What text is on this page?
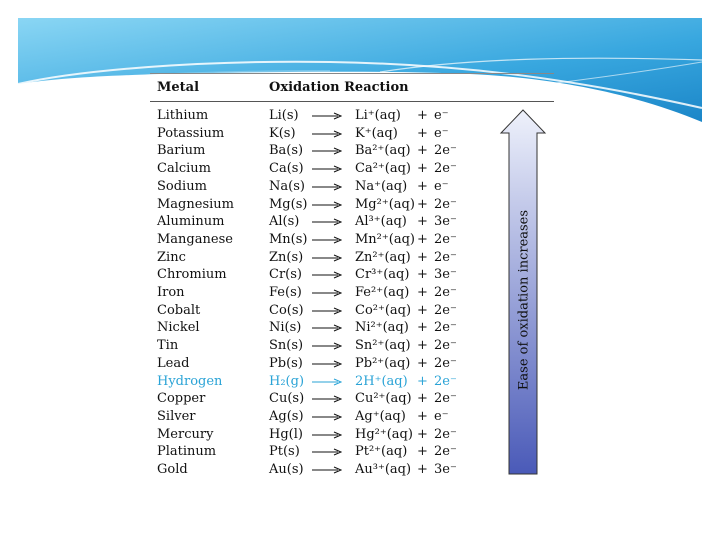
Metal	Oxidation Reaction
Lithium	Li(s)	Li⁺(aq) + e⁻
Potassium	K(s)	K⁺(aq) + e⁻
Barium	Ba(s)	Ba²⁺(aq) + 2e⁻
Calcium	Ca(s)	Ca²⁺(aq) + 2e⁻
Sodium	Na(s)	Na⁺(aq) + e⁻
Magnesium	Mg(s)	Mg²⁺(aq) + 2e⁻
Aluminum	Al(s)	Al³⁺(aq) + 3e⁻
Manganese	Mn(s)	Mn²⁺(aq) + 2e⁻
Zinc	Zn(s)	Zn²⁺(aq) + 2e⁻
Chromium	Cr(s)	Cr³⁺(aq) + 3e⁻
Iron	Fe(s)	Fe²⁺(aq) + 2e⁻
Cobalt	Co(s)	Co²⁺(aq) + 2e⁻
Nickel	Ni(s)	Ni²⁺(aq) + 2e⁻
Tin	Sn(s)	Sn²⁺(aq) + 2e⁻
Lead	Pb(s)	Pb²⁺(aq) + 2e⁻
Hydrogen	H₂(g)	2H⁺(aq) + 2e⁻
Copper	Cu(s)	Cu²⁺(aq) + 2e⁻
Silver	Ag(s)	Ag⁺(aq) + e⁻
Mercury	Hg(l)	Hg²⁺(aq) + 2e⁻
Platinum	Pt(s)	Pt²⁺(aq) + 2e⁻
Gold	Au(s)	Au³⁺(aq) + 3e⁻
Ease of oxidation increases
